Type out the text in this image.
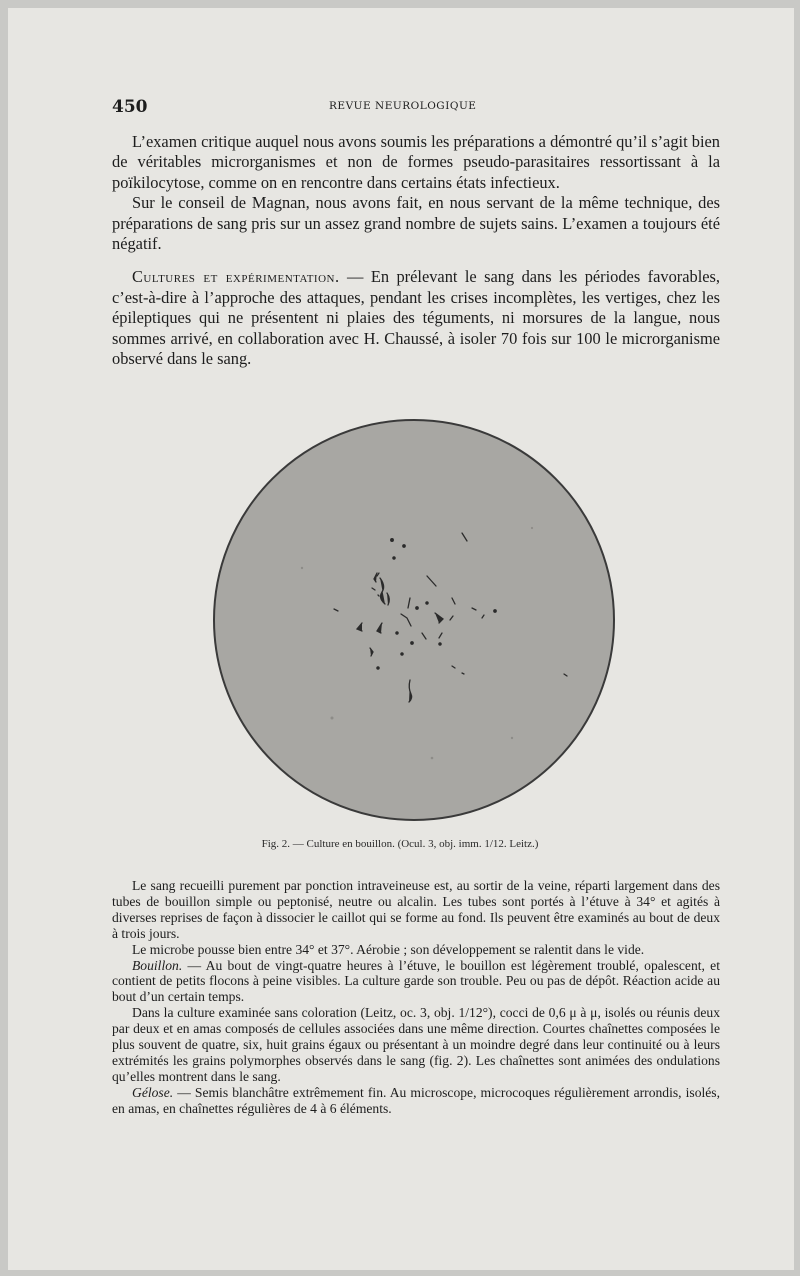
450	REVUE NEUROLOGIQUE

L’examen critique auquel nous avons soumis les préparations a démontré qu’il s’agit bien de véritables microrganismes et non de formes pseudo-parasitaires ressortissant à la poïkilocytose, comme on en rencontre dans certains états infectieux.

Sur le conseil de Magnan, nous avons fait, en nous servant de la même technique, des préparations de sang pris sur un assez grand nombre de sujets sains. L’examen a toujours été négatif.

Cultures et expérimentation. — En prélevant le sang dans les périodes favorables, c’est-à-dire à l’approche des attaques, pendant les crises incomplètes, les vertiges, chez les épileptiques qui ne présentent ni plaies des téguments, ni morsures de la langue, nous sommes arrivé, en collaboration avec H. Chaussé, à isoler 70 fois sur 100 le microrganisme observé dans le sang.

Fig. 2. — Culture en bouillon. (Ocul. 3, obj. imm. 1/12. Leitz.)

Le sang recueilli purement par ponction intraveineuse est, au sortir de la veine, réparti largement dans des tubes de bouillon simple ou peptonisé, neutre ou alcalin. Les tubes sont portés à l’étuve à 34° et agités à diverses reprises de façon à dissocier le caillot qui se forme au fond. Ils peuvent être examinés au bout de deux à trois jours.

Le microbe pousse bien entre 34° et 37°. Aérobie ; son développement se ralentit dans le vide.

Bouillon. — Au bout de vingt-quatre heures à l’étuve, le bouillon est légèrement troublé, opalescent, et contient de petits flocons à peine visibles. La culture garde son trouble. Peu ou pas de dépôt. Réaction acide au bout d’un certain temps.

Dans la culture examinée sans coloration (Leitz, oc. 3, obj. 1/12°), cocci de 0,6 μ à μ, isolés ou réunis deux par deux et en amas composés de cellules associées dans une même direction. Courtes chaînettes composées le plus souvent de quatre, six, huit grains égaux ou présentant à un moindre degré dans leur continuité ou à leurs extrémités les grains polymorphes observés dans le sang (fig. 2). Les chaînettes sont animées des ondulations qu’elles montrent dans le sang.

Gélose. — Semis blanchâtre extrêmement fin. Au microscope, microcoques régulièrement arrondis, isolés, en amas, en chaînettes régulières de 4 à 6 éléments.
